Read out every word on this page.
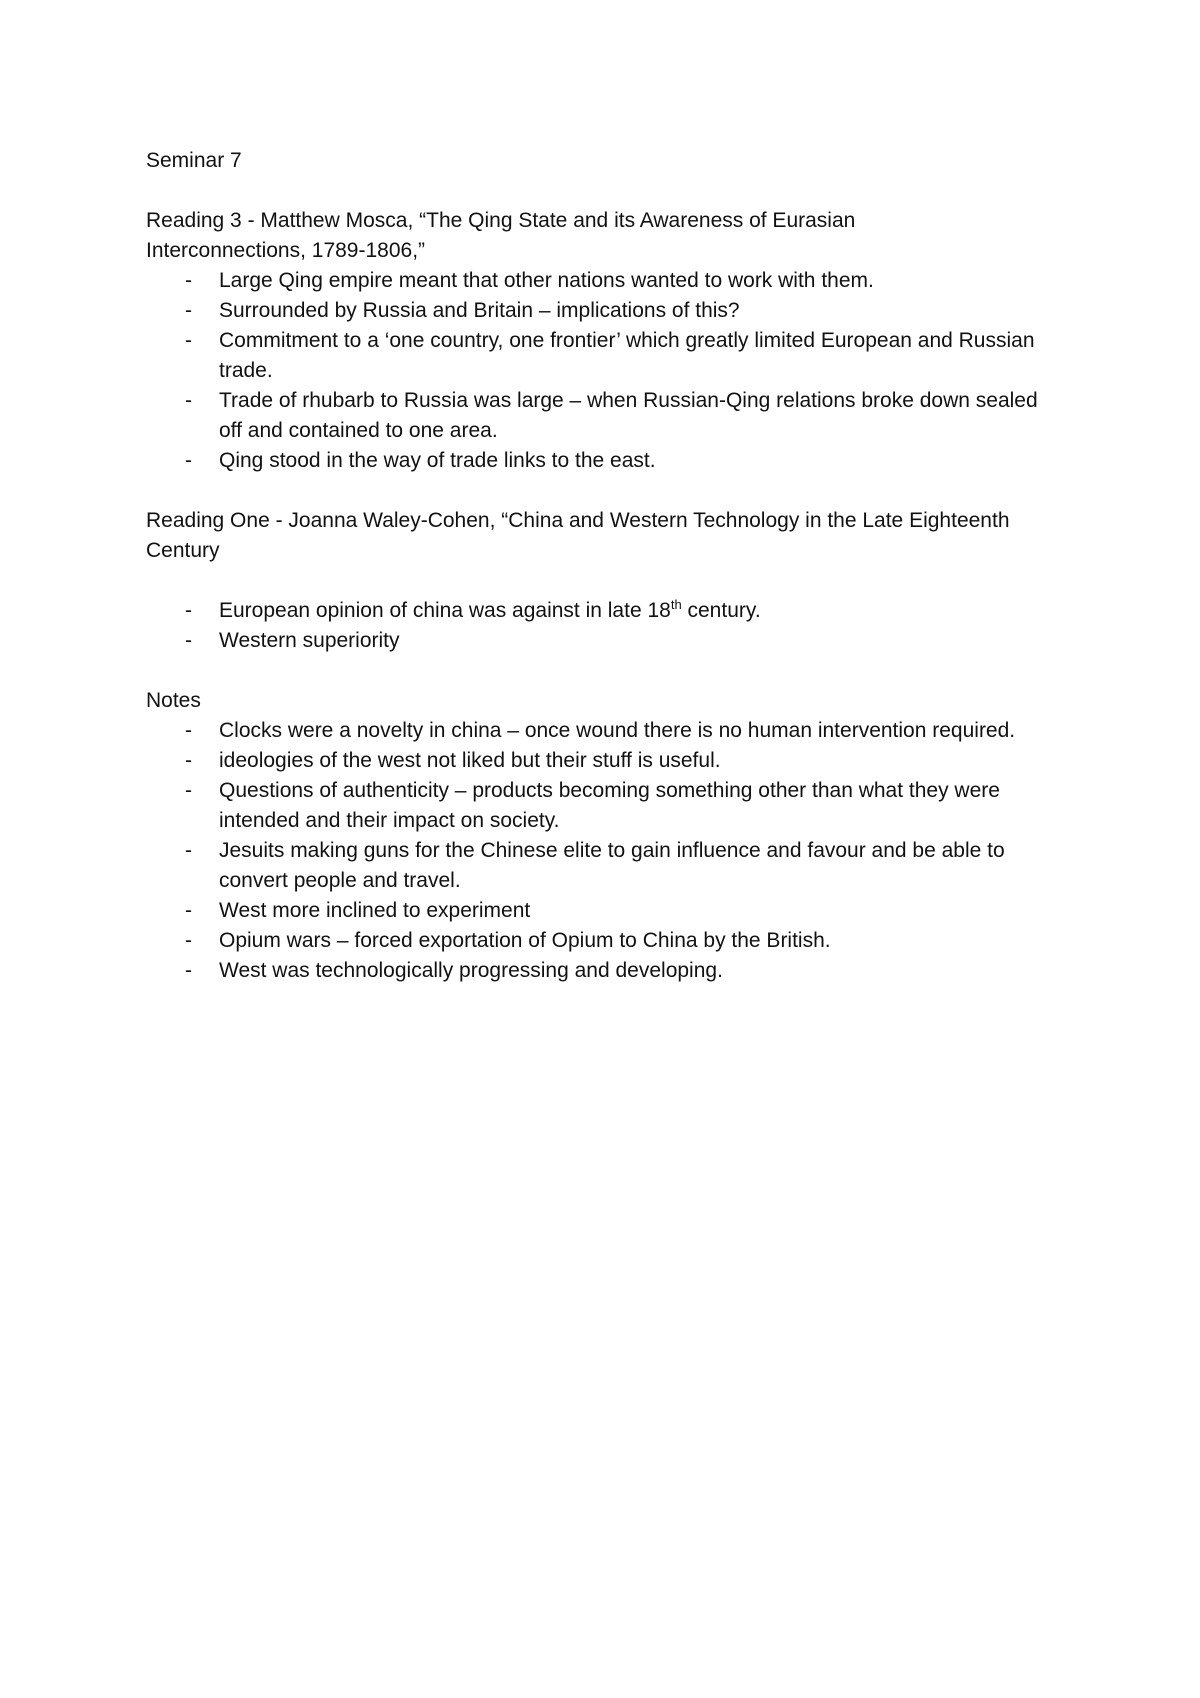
Seminar 7

Reading 3 - Matthew Mosca, “The Qing State and its Awareness of Eurasian

Interconnections, 1789-1806,”

- Large Qing empire meant that other nations wanted to work with them.
- Surrounded by Russia and Britain – implications of this?
- Commitment to a ‘one country, one frontier’ which greatly limited European and Russian trade.
- Trade of rhubarb to Russia was large – when Russian-Qing relations broke down sealed off and contained to one area.
- Qing stood in the way of trade links to the east.

Reading One - Joanna Waley-Cohen, “China and Western Technology in the Late Eighteenth

Century

- European opinion of china was against in late 18th century.
- Western superiority

Notes

- Clocks were a novelty in china – once wound there is no human intervention required.
- ideologies of the west not liked but their stuff is useful.
- Questions of authenticity – products becoming something other than what they were intended and their impact on society.
- Jesuits making guns for the Chinese elite to gain influence and favour and be able to convert people and travel.
- West more inclined to experiment
- Opium wars – forced exportation of Opium to China by the British.
- West was technologically progressing and developing.
